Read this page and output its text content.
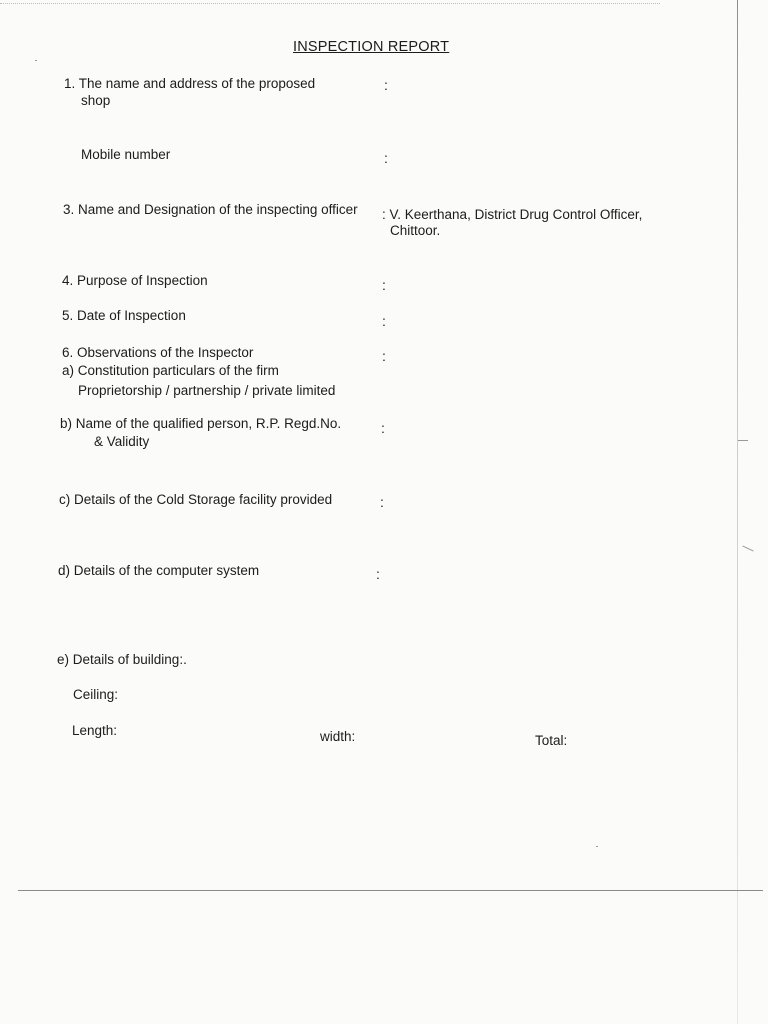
INSPECTION REPORT
1. The name and address of the proposed
shop
:
Mobile number	:
3. Name and Designation of the inspecting officer : V. Keerthana, District Drug Control Officer,
Chittoor.
4. Purpose of Inspection	:
5. Date of Inspection	:
6. Observations of the Inspector	:
a) Constitution particulars of the firm
Proprietorship / partnership / private limited
b) Name of the qualified person, R.P. Regd.No.	:
& Validity
c) Details of the Cold Storage facility provided	:
d) Details of the computer system	:
e) Details of building:.
Ceiling:
Length:	width:	Total:
